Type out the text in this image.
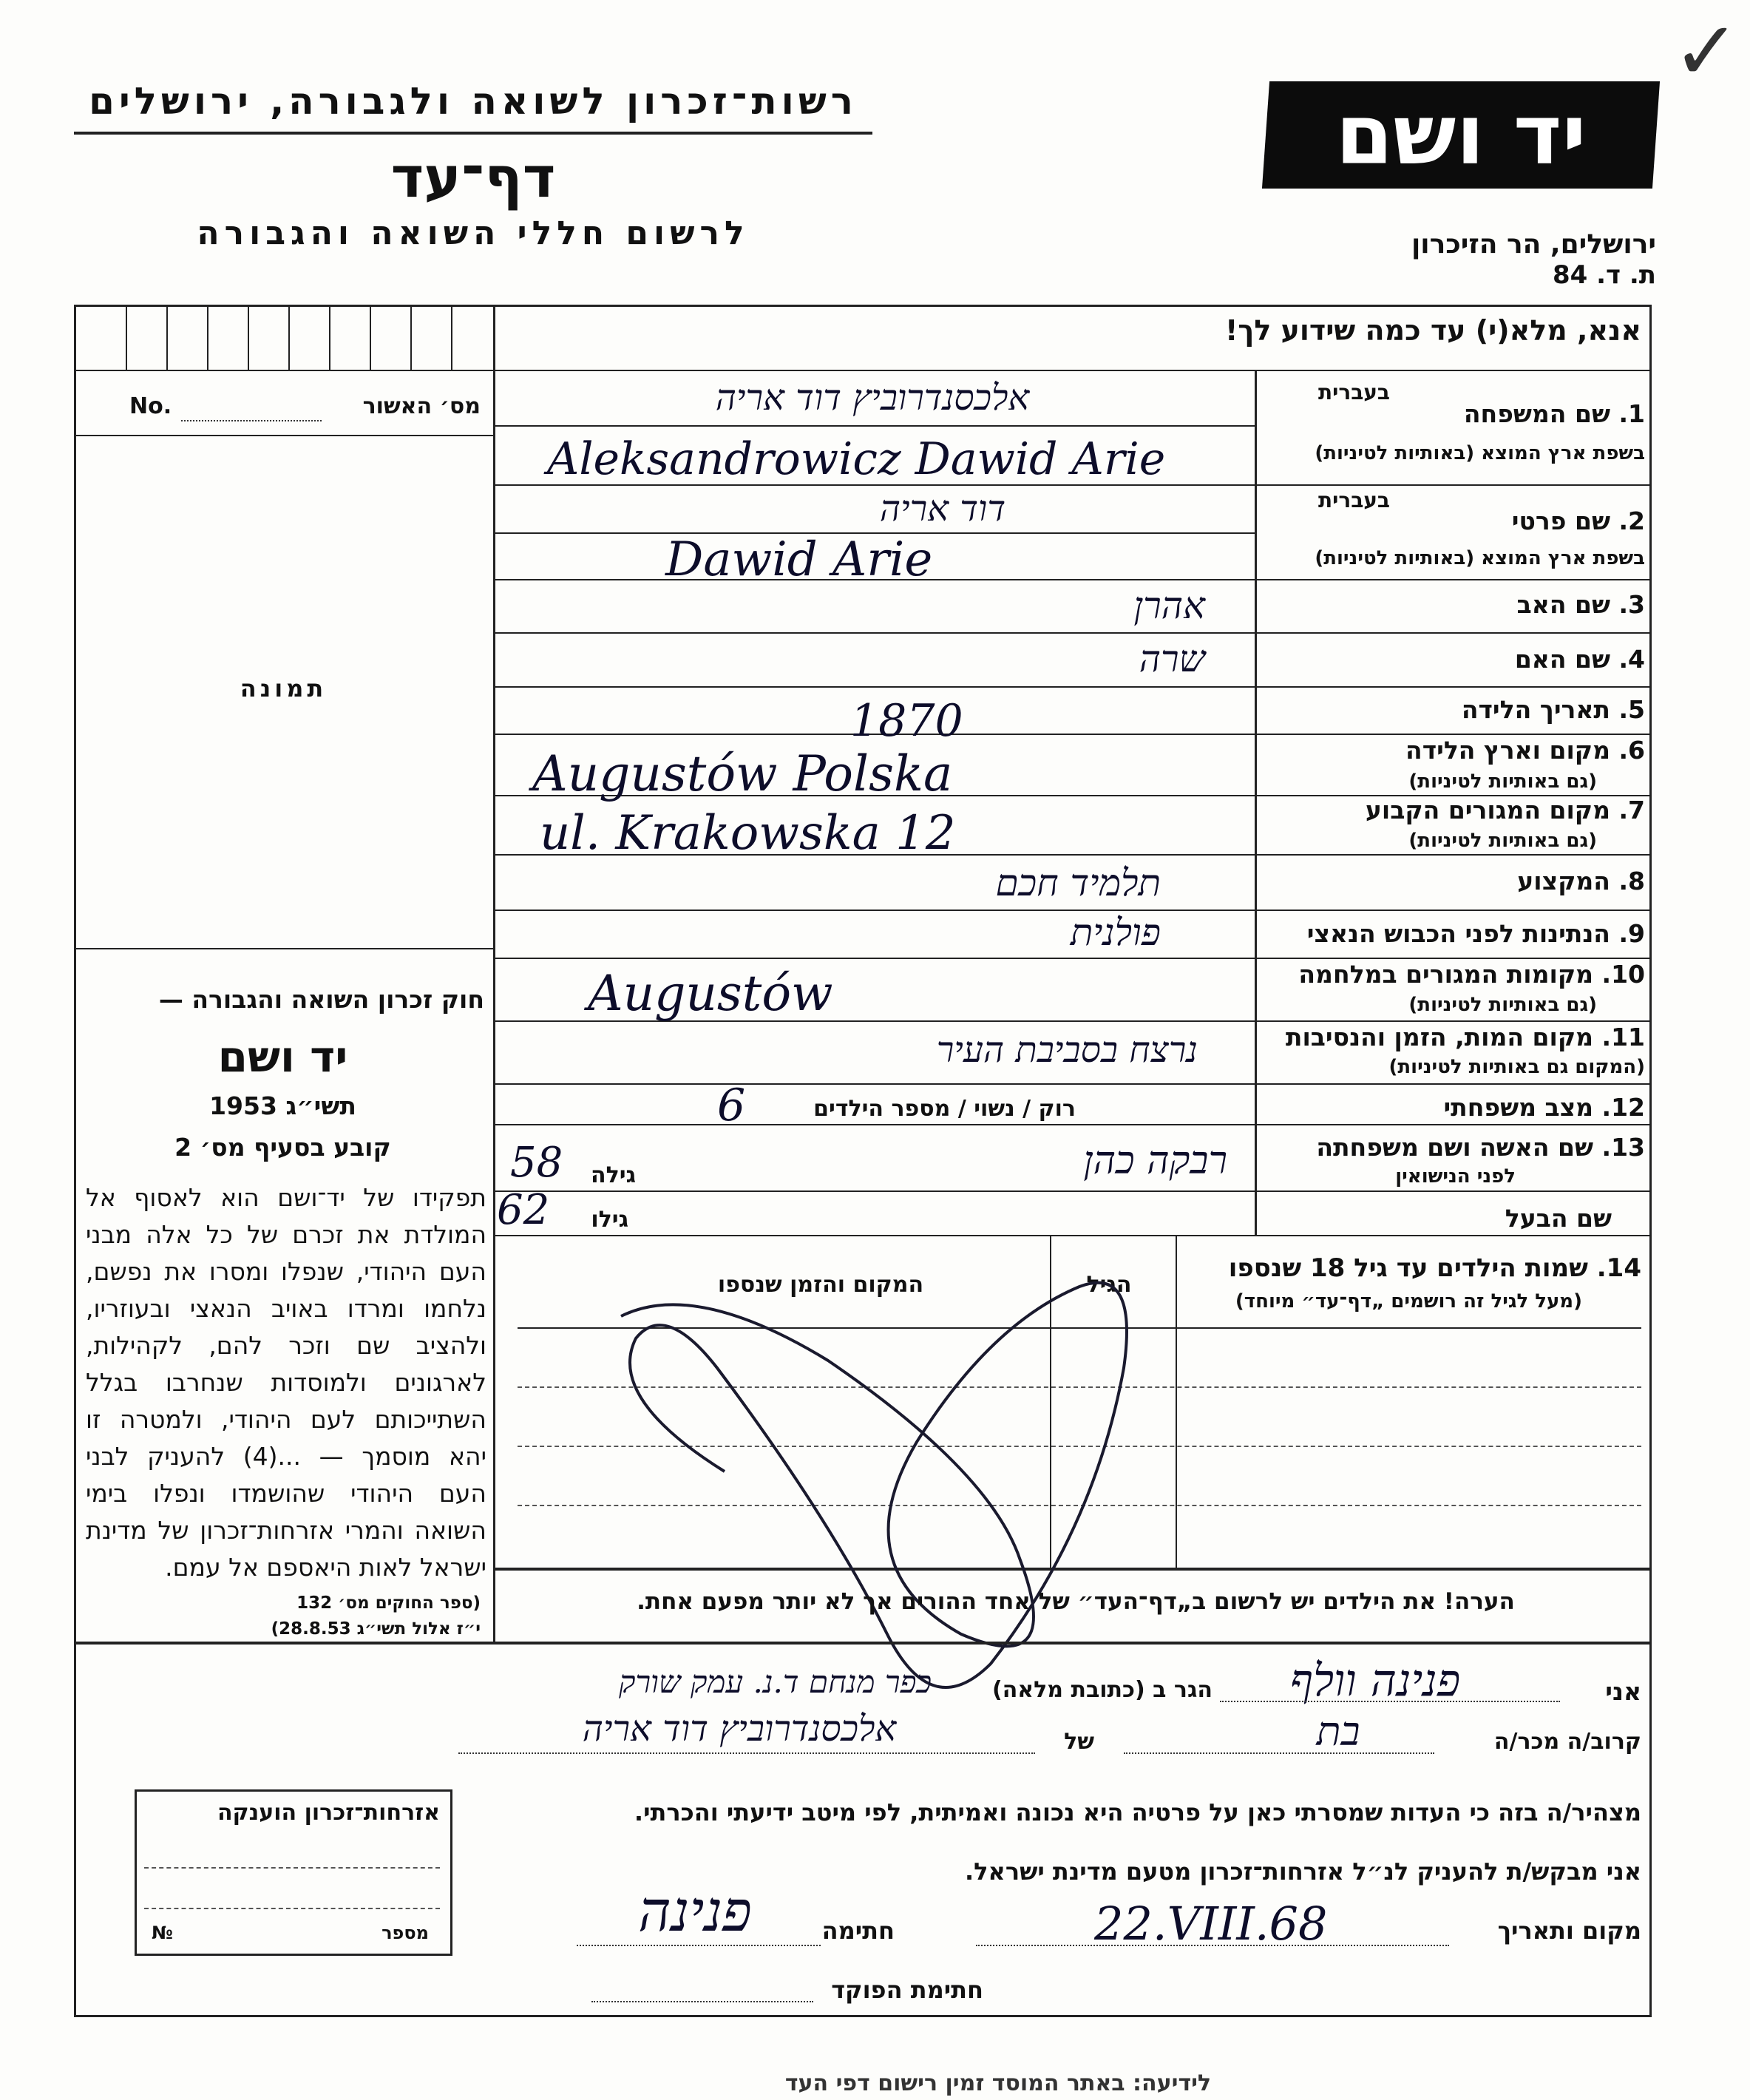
✓
רשות־זכרון לשואה ולגבורה, ירושלים
דף־עד
לרשום חללי השואה והגבורה
יד ושם
ירושלים, הר הזיכרון
ת. ד. 84
אנא, מלא(י) עד כמה שידוע לך!
מס׳ האשור
No.
תמונה
חוק זכרון השואה והגבורה —
יד ושם
תשי״ג 1953
קובע בסעיף מס׳ 2
תפקידו של יד־ושם הוא לאסוף אל המולדת את זכרם של כל אלה מבני העם היהודי, שנפלו ומסרו את נפשם, נלחמו ומרדו באויב הנאצי ובעוזריו, ולהציב שם וזכר להם, לקהילות, לארגונים ולמוסדות שנחרבו בגלל השתייכותם לעם היהודי, ולמטרה זו יהא מוסמך — ...(4) להעניק לבני העם היהודי שהושמדו ונפלו בימי השואה והמרי אזרחות־זכרון של מדינת ישראל לאות היאספם אל עמם.
(ספר החוקים מס׳ 132
י״ז אלול תשי״ג 28.8.53)
אזרחות־זכרון הוענקה
№	מספר
בעברית
1. שם המשפחה
בשפת ארץ המוצא (באותיות לטיניות)
אלכסנדרוביץ דוד אריה
Aleksandrowicz Dawid Arie
בעברית
2. שם פרטי
בשפת ארץ המוצא (באותיות לטיניות)
דוד אריה
Dawid Arie
3. שם האב
אהרן
4. שם האם
שרה
5. תאריך הלידה
1870
6. מקום וארץ הלידה
(גם באותיות לטיניות)
Augustów Polska
7. מקום המגורים הקבוע
(גם באותיות לטיניות)
ul. Krakowska 12
8. המקצוע
תלמיד חכם
9. הנתינות לפני הכבוש הנאצי
פולנית
10. מקומות המגורים במלחמה
(גם באותיות לטיניות)
Augustów
11. מקום המות, הזמן והנסיבות
(המקום גם באותיות לטיניות)
נרצח בסביבת העיר
12. מצב משפחתי
רוק / נשוי / מספר הילדים
6
13. שם האשה ושם משפחתה
לפני הנישואין
רבקה כהן
גילה
58
שם הבעל
גילו
62
14. שמות הילדים עד גיל 18 שנספו
(מעל לגיל זה רושמים „דף־עד״ מיוחד)
הגיל
המקום והזמן שנספו
הערה! את הילדים יש לרשום ב„דף־העד״ של אחד ההורים אך לא יותר מפעם אחת.
אני
פנינה וולף
הגר ב (כתובת מלאה)
כפר מנחם ד.נ. עמק שורק
קרוב/ה מכר/ה
בת
של
אלכסנדרוביץ דוד אריה
מצהיר/ה בזה כי העדות שמסרתי כאן על פרטיה היא נכונה ואמיתית, לפי מיטב ידיעתי והכרתי.
אני מבקש/ת להעניק לנ״ל אזרחות־זכרון מטעם מדינת ישראל.
מקום ותאריך
22.VIII.68
חתימה
פנינה
חתימת הפוקד
לידיעה: באתר המוסד זמין רישום דפי העד
